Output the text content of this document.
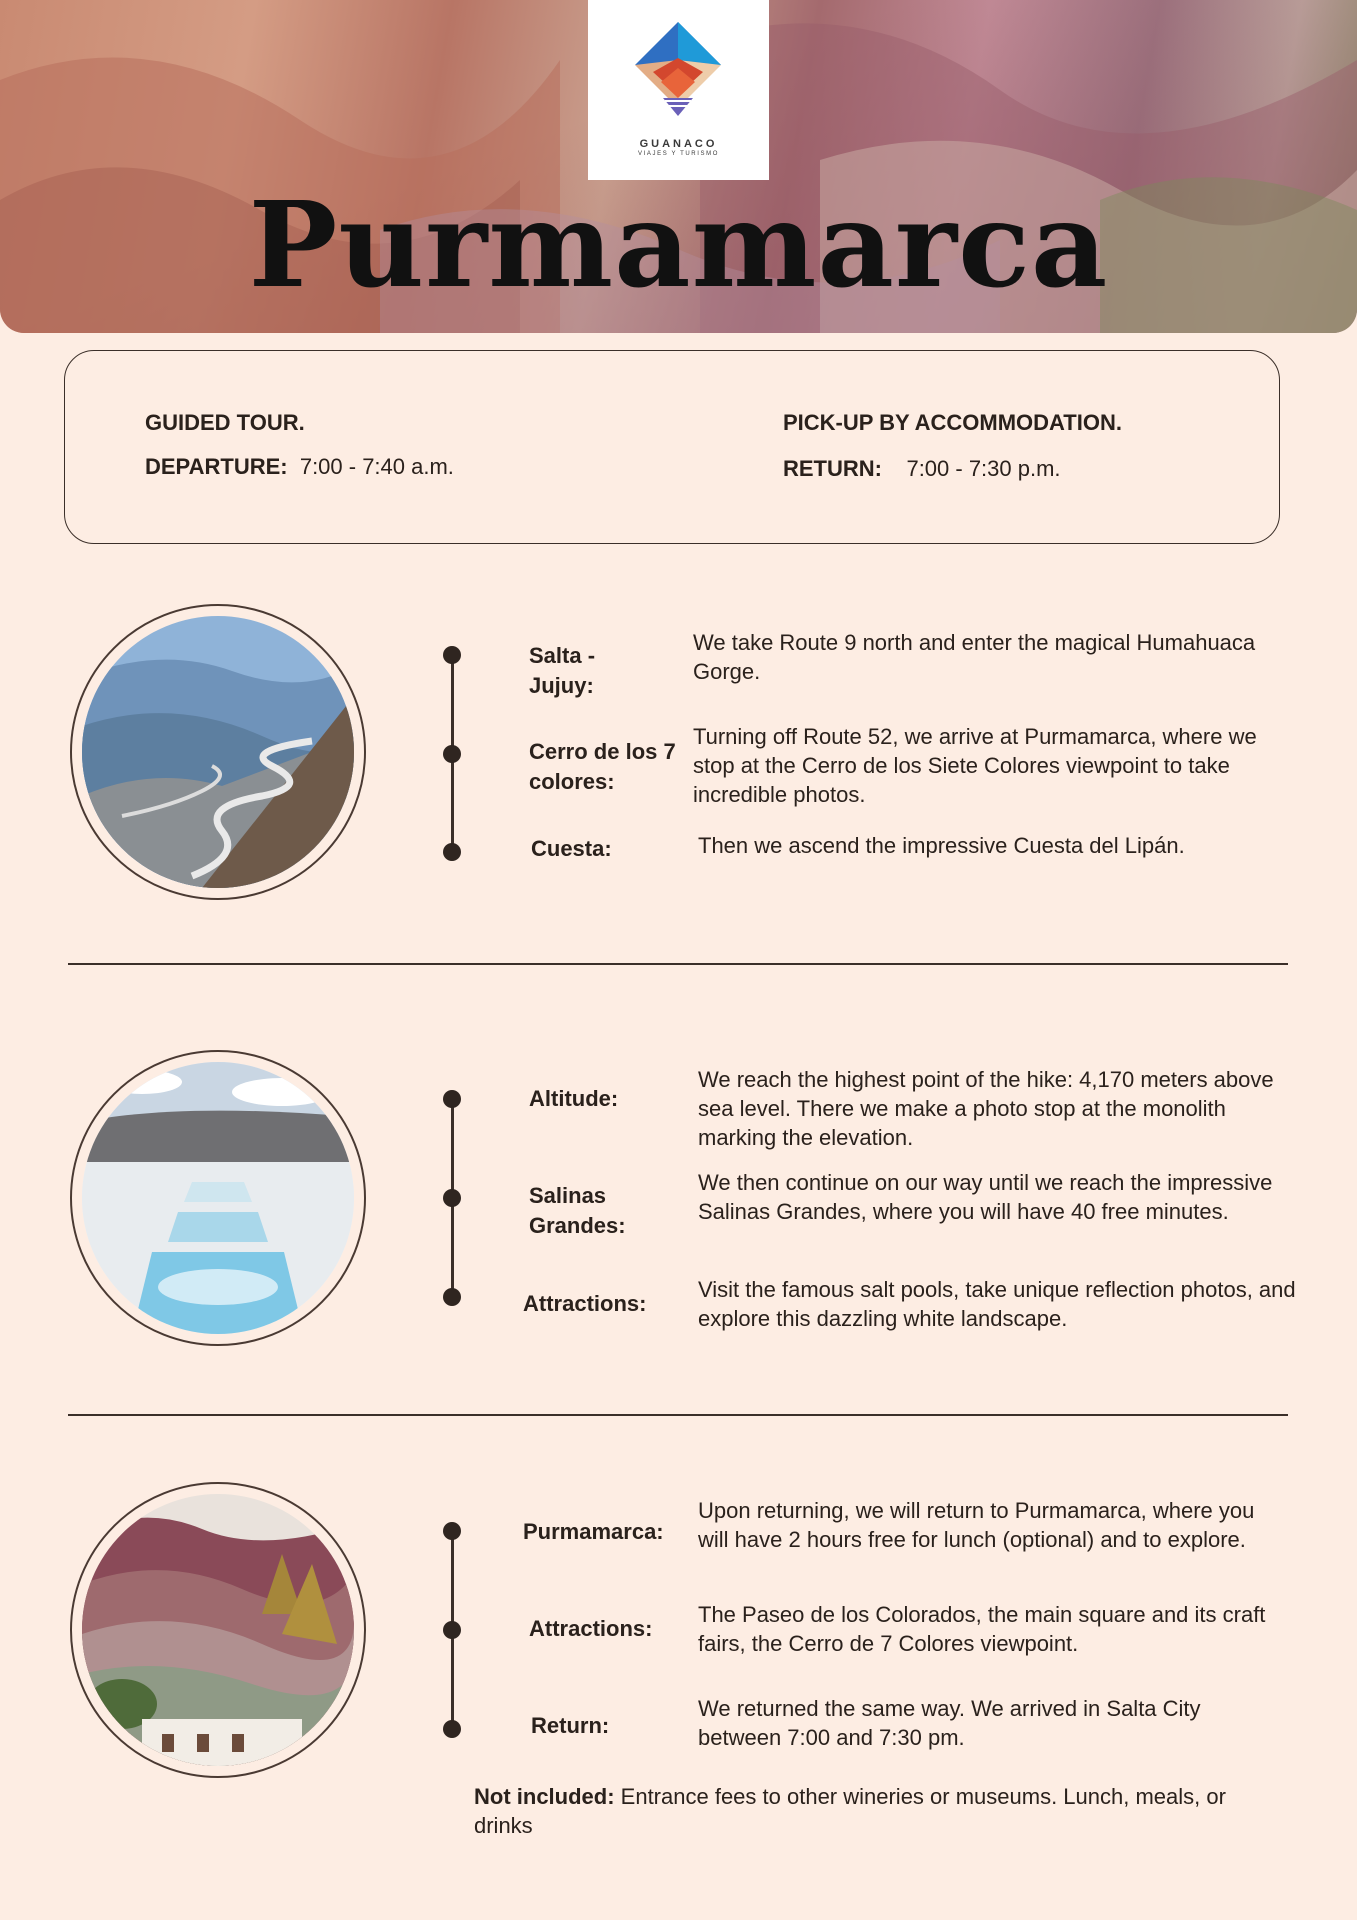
GUANACO
VIAJES Y TURISMO
Purmamarca
GUIDED TOUR.
DEPARTURE: 7:00 - 7:40 a.m.
PICK-UP BY ACCOMMODATION.
RETURN: 7:00 - 7:30 p.m.
Salta - Jujuy:
We take Route 9 north and enter the magical Humahuaca Gorge.
Cerro de los 7 colores:
Turning off Route 52, we arrive at Purmamarca, where we stop at the Cerro de los Siete Colores viewpoint to take incredible photos.
Cuesta:	Then we ascend the impressive Cuesta del Lipán.
Altitude:
We reach the highest point of the hike: 4,170 meters above sea level. There we make a photo stop at the monolith marking the elevation.
Salinas Grandes:
We then continue on our way until we reach the impressive Salinas Grandes, where you will have 40 free minutes.
Attractions:
Visit the famous salt pools, take unique reflection photos, and explore this dazzling white landscape.
Purmamarca:
Upon returning, we will return to Purmamarca, where you will have 2 hours free for lunch (optional) and to explore.
Attractions:
The Paseo de los Colorados, the main square and its craft fairs, the Cerro de 7 Colores viewpoint.
Return:
We returned the same way. We arrived in Salta City between 7:00 and 7:30 pm.
Not included: Entrance fees to other wineries or museums. Lunch, meals, or drinks
